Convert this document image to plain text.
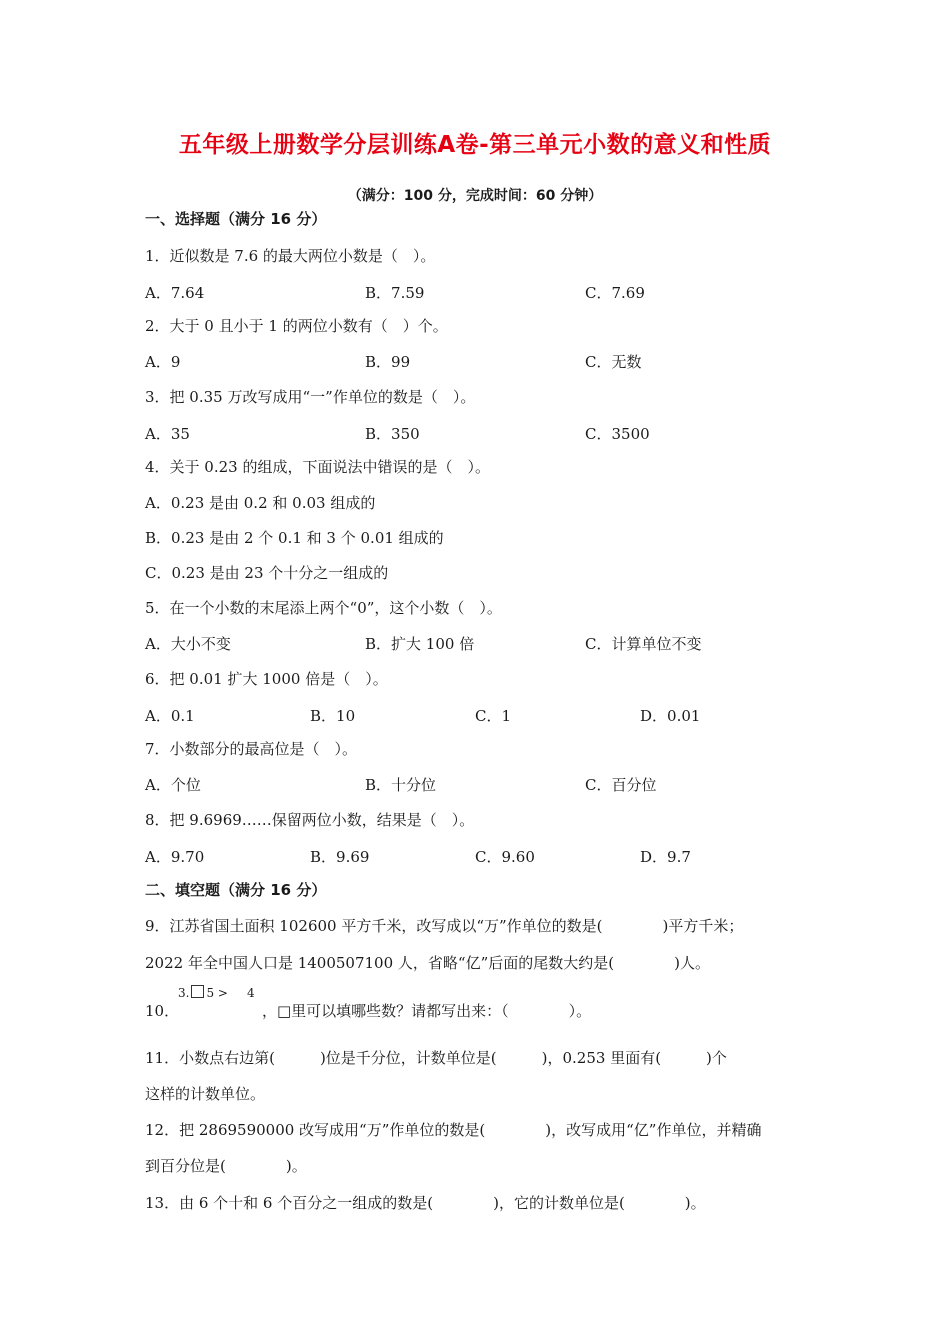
五年级上册数学分层训练A卷-第三单元小数的意义和性质
（满分：100 分，完成时间：60 分钟）
一、选择题（满分 16 分）
1．近似数是 7.6 的最大两位小数是（　）。
A．7.64	B．7.59	C．7.69
2．大于 0 且小于 1 的两位小数有（　）个。
A．9	B．99	C．无数
3．把 0.35 万改写成用“一”作单位的数是（　）。
A．35	B．350	C．3500
4．关于 0.23 的组成，下面说法中错误的是（　）。
A．0.23 是由 0.2 和 0.03 组成的
B．0.23 是由 2 个 0.1 和 3 个 0.01 组成的
C．0.23 是由 23 个十分之一组成的
5．在一个小数的末尾添上两个“0”，这个小数（　）。
A．大小不变	B．扩大 100 倍	C．计算单位不变
6．把 0.01 扩大 1000 倍是（　）。
A．0.1	B．10	C．1	D．0.01
7．小数部分的最高位是（　）。
A．个位	B．十分位	C．百分位
8．把 9.6969……保留两位小数，结果是（　）。
A．9.70	B．9.69	C．9.60	D．9.7
二、填空题（满分 16 分）
9．江苏省国土面积 102600 平方千米，改写成以“万”作单位的数是(　　　　)平方千米；
2022 年全中国人口是 1400507100 人，省略“亿”后面的尾数大约是(　　　　)人。
10．
3. 5 > 4
，□里可以填哪些数？请都写出来：（　　　　）。
11．小数点右边第(　　　)位是千分位，计数单位是(　　　)，0.253 里面有(　　　)个
这样的计数单位。
12．把 2869590000 改写成用“万”作单位的数是(　　　　)，改写成用“亿”作单位，并精确
到百分位是(　　　　)。
13．由 6 个十和 6 个百分之一组成的数是(　　　　)，它的计数单位是(　　　　)。
